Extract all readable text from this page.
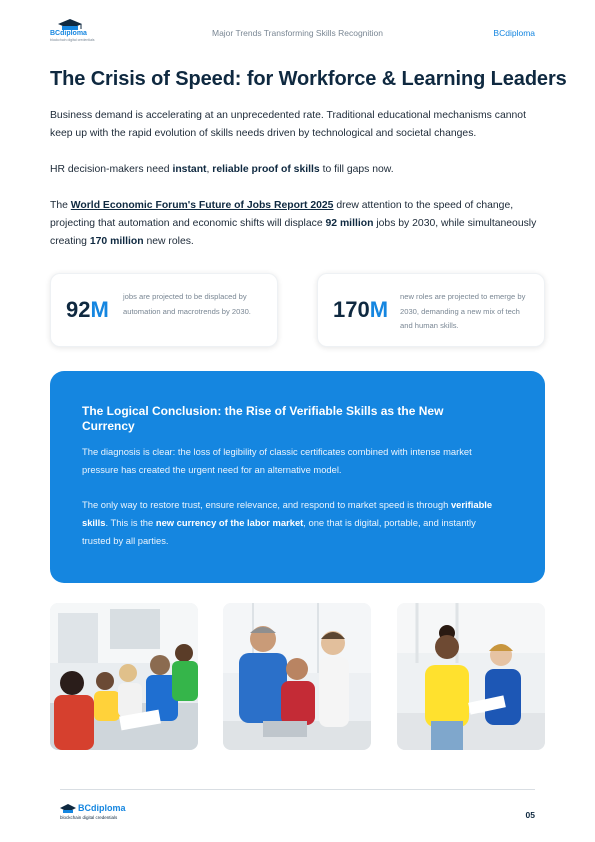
BCdiploma
blockchain digital credentials
Major Trends Transforming Skills Recognition	BCdiploma
The Crisis of Speed: for Workforce & Learning Leaders

Business demand is accelerating at an unprecedented rate. Traditional educational mechanisms cannot keep up with the rapid evolution of skills needs driven by technological and societal changes.

HR decision-makers need instant, reliable proof of skills to fill gaps now.

The World Economic Forum's Future of Jobs Report 2025 drew attention to the speed of change, projecting that automation and economic shifts will displace 92 million jobs by 2030, while simultaneously creating 170 million new roles.

92M
jobs are projected to be displaced by automation and macrotrends by 2030.	170M
new roles are projected to emerge by 2030, demanding a new mix of tech and human skills.
The Logical Conclusion: the Rise of Verifiable Skills as the New Currency

The diagnosis is clear: the loss of legibility of classic certificates combined with intense market pressure has created the urgent need for an alternative model.

The only way to restore trust, ensure relevance, and respond to market speed is through verifiable skills. This is the new currency of the labor market, one that is digital, portable, and instantly trusted by all parties.

BCdiploma
blockchain digital credentials	05
